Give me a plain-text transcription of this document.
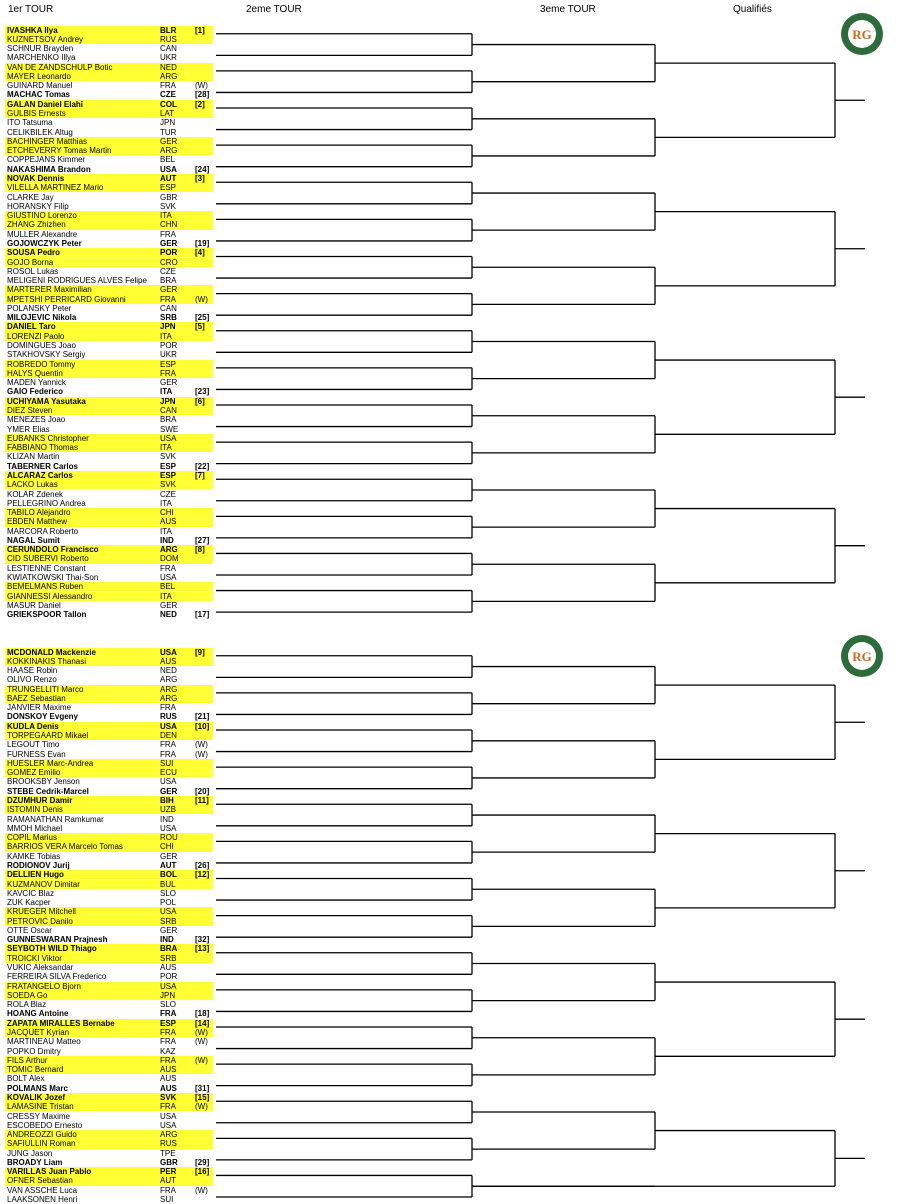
1er TOUR	2eme TOUR	3eme TOUR	Qualifiés
IVASHKA Ilya	BLR [1]
KUZNETSOV Andrey	RUS
SCHNUR Brayden	CAN
MARCHENKO Illya	UKR
VAN DE ZANDSCHULP Botic	NED
MAYER Leonardo	ARG
GUINARD Manuel	FRA (W)
MACHAC Tomas	CZE [28]
GALAN Daniel Elahi	COL [2]
GULBIS Ernests	LAT
ITO Tatsuma	JPN
CELIKBILEK Altug	TUR
BACHINGER Matthias	GER
ETCHEVERRY Tomas Martin	ARG
COPPEJANS Kimmer	BEL
NAKASHIMA Brandon	USA [24]
NOVAK Dennis	AUT [3]
VILELLA MARTINEZ Mario	ESP
CLARKE Jay	GBR
HORANSKY Filip	SVK
GIUSTINO Lorenzo	ITA
ZHANG Zhizhen	CHN
MULLER Alexandre	FRA
GOJOWCZYK Peter	GER [19]
SOUSA Pedro	POR [4]
GOJO Borna	CRO
ROSOL Lukas	CZE
MELIGENI RODRIGUES ALVES Felipe BRA
MARTERER Maximilian	GER
MPETSHI PERRICARD Giovanni	FRA (W)
POLANSKY Peter	CAN
MILOJEVIC Nikola	SRB [25]
DANIEL Taro	JPN [5]
LORENZI Paolo	ITA
DOMINGUES Joao	POR
STAKHOVSKY Sergiy	UKR
ROBREDO Tommy	ESP
HALYS Quentin	FRA
MADEN Yannick	GER
GAIO Federico	ITA	[23]
UCHIYAMA Yasutaka	JPN [6]
DIEZ Steven	CAN
MENEZES Joao	BRA
YMER Elias	SWE
EUBANKS Christopher	USA
FABBIANO Thomas	ITA
KLIZAN Martin	SVK
TABERNER Carlos	ESP [22]
ALCARAZ Carlos	ESP [7]
LACKO Lukas	SVK
KOLAR Zdenek	CZE
PELLEGRINO Andrea	ITA
TABILO Alejandro	CHI
EBDEN Matthew	AUS
MARCORA Roberto	ITA
NAGAL Sumit	IND	[27]
CERUNDOLO Francisco	ARG [8]
CID SUBERVI Roberto	DOM
LESTIENNE Constant	FRA
KWIATKOWSKI Thai-Son	USA
BEMELMANS Ruben	BEL
GIANNESSI Alessandro	ITA
MASUR Daniel	GER
GRIEKSPOOR Tallon	NED [17]
MCDONALD Mackenzie	USA [9]
KOKKINAKIS Thanasi	AUS
HAASE Robin	NED
OLIVO Renzo	ARG
TRUNGELLITI Marco	ARG
BAEZ Sebastian	ARG
JANVIER Maxime	FRA
DONSKOY Evgeny	RUS [21]
KUDLA Denis	USA [10]
TORPEGAARD Mikael	DEN
LEGOUT Timo	FRA (W)
FURNESS Evan	FRA (W)
HUESLER Marc-Andrea	SUI
GOMEZ Emilio	ECU
BROOKSBY Jenson	USA
STEBE Cedrik-Marcel	GER [20]
DZUMHUR Damir	BIH	[11]
ISTOMIN Denis	UZB
RAMANATHAN Ramkumar	IND
MMOH Michael	USA
COPIL Marius	ROU
BARRIOS VERA Marcelo Tomas	CHI
KAMKE Tobias	GER
RODIONOV Jurij	AUT [26]
DELLIEN Hugo	BOL [12]
KUZMANOV Dimitar	BUL
KAVCIC Blaz	SLO
ZUK Kacper	POL
KRUEGER Mitchell	USA
PETROVIC Danilo	SRB
OTTE Oscar	GER
GUNNESWARAN Prajnesh	IND	[32]
SEYBOTH WILD Thiago	BRA [13]
TROICKI Viktor	SRB
VUKIC Aleksandar	AUS
FERREIRA SILVA Frederico	POR
FRATANGELO Bjorn	USA
SOEDA Go	JPN
ROLA Blaz	SLO
HOANG Antoine	FRA [18]
ZAPATA MIRALLES Bernabe	ESP [14]
JACQUET Kyrian	FRA (W)
MARTINEAU Matteo	FRA (W)
POPKO Dmitry	KAZ
FILS Arthur	FRA (W)
TOMIC Bernard	AUS
BOLT Alex	AUS
POLMANS Marc	AUS [31]
KOVALIK Jozef	SVK [15]
LAMASINE Tristan	FRA (W)
CRESSY Maxime	USA
ESCOBEDO Ernesto	USA
ANDREOZZI Guido	ARG
SAFIULLIN Roman	RUS
JUNG Jason	TPE
BROADY Liam	GBR [29]
VARILLAS Juan Pablo	PER [16]
OFNER Sebastian	AUT
VAN ASSCHE Luca	FRA (W)
LAAKSONEN Henri	SUI
RG
RG
